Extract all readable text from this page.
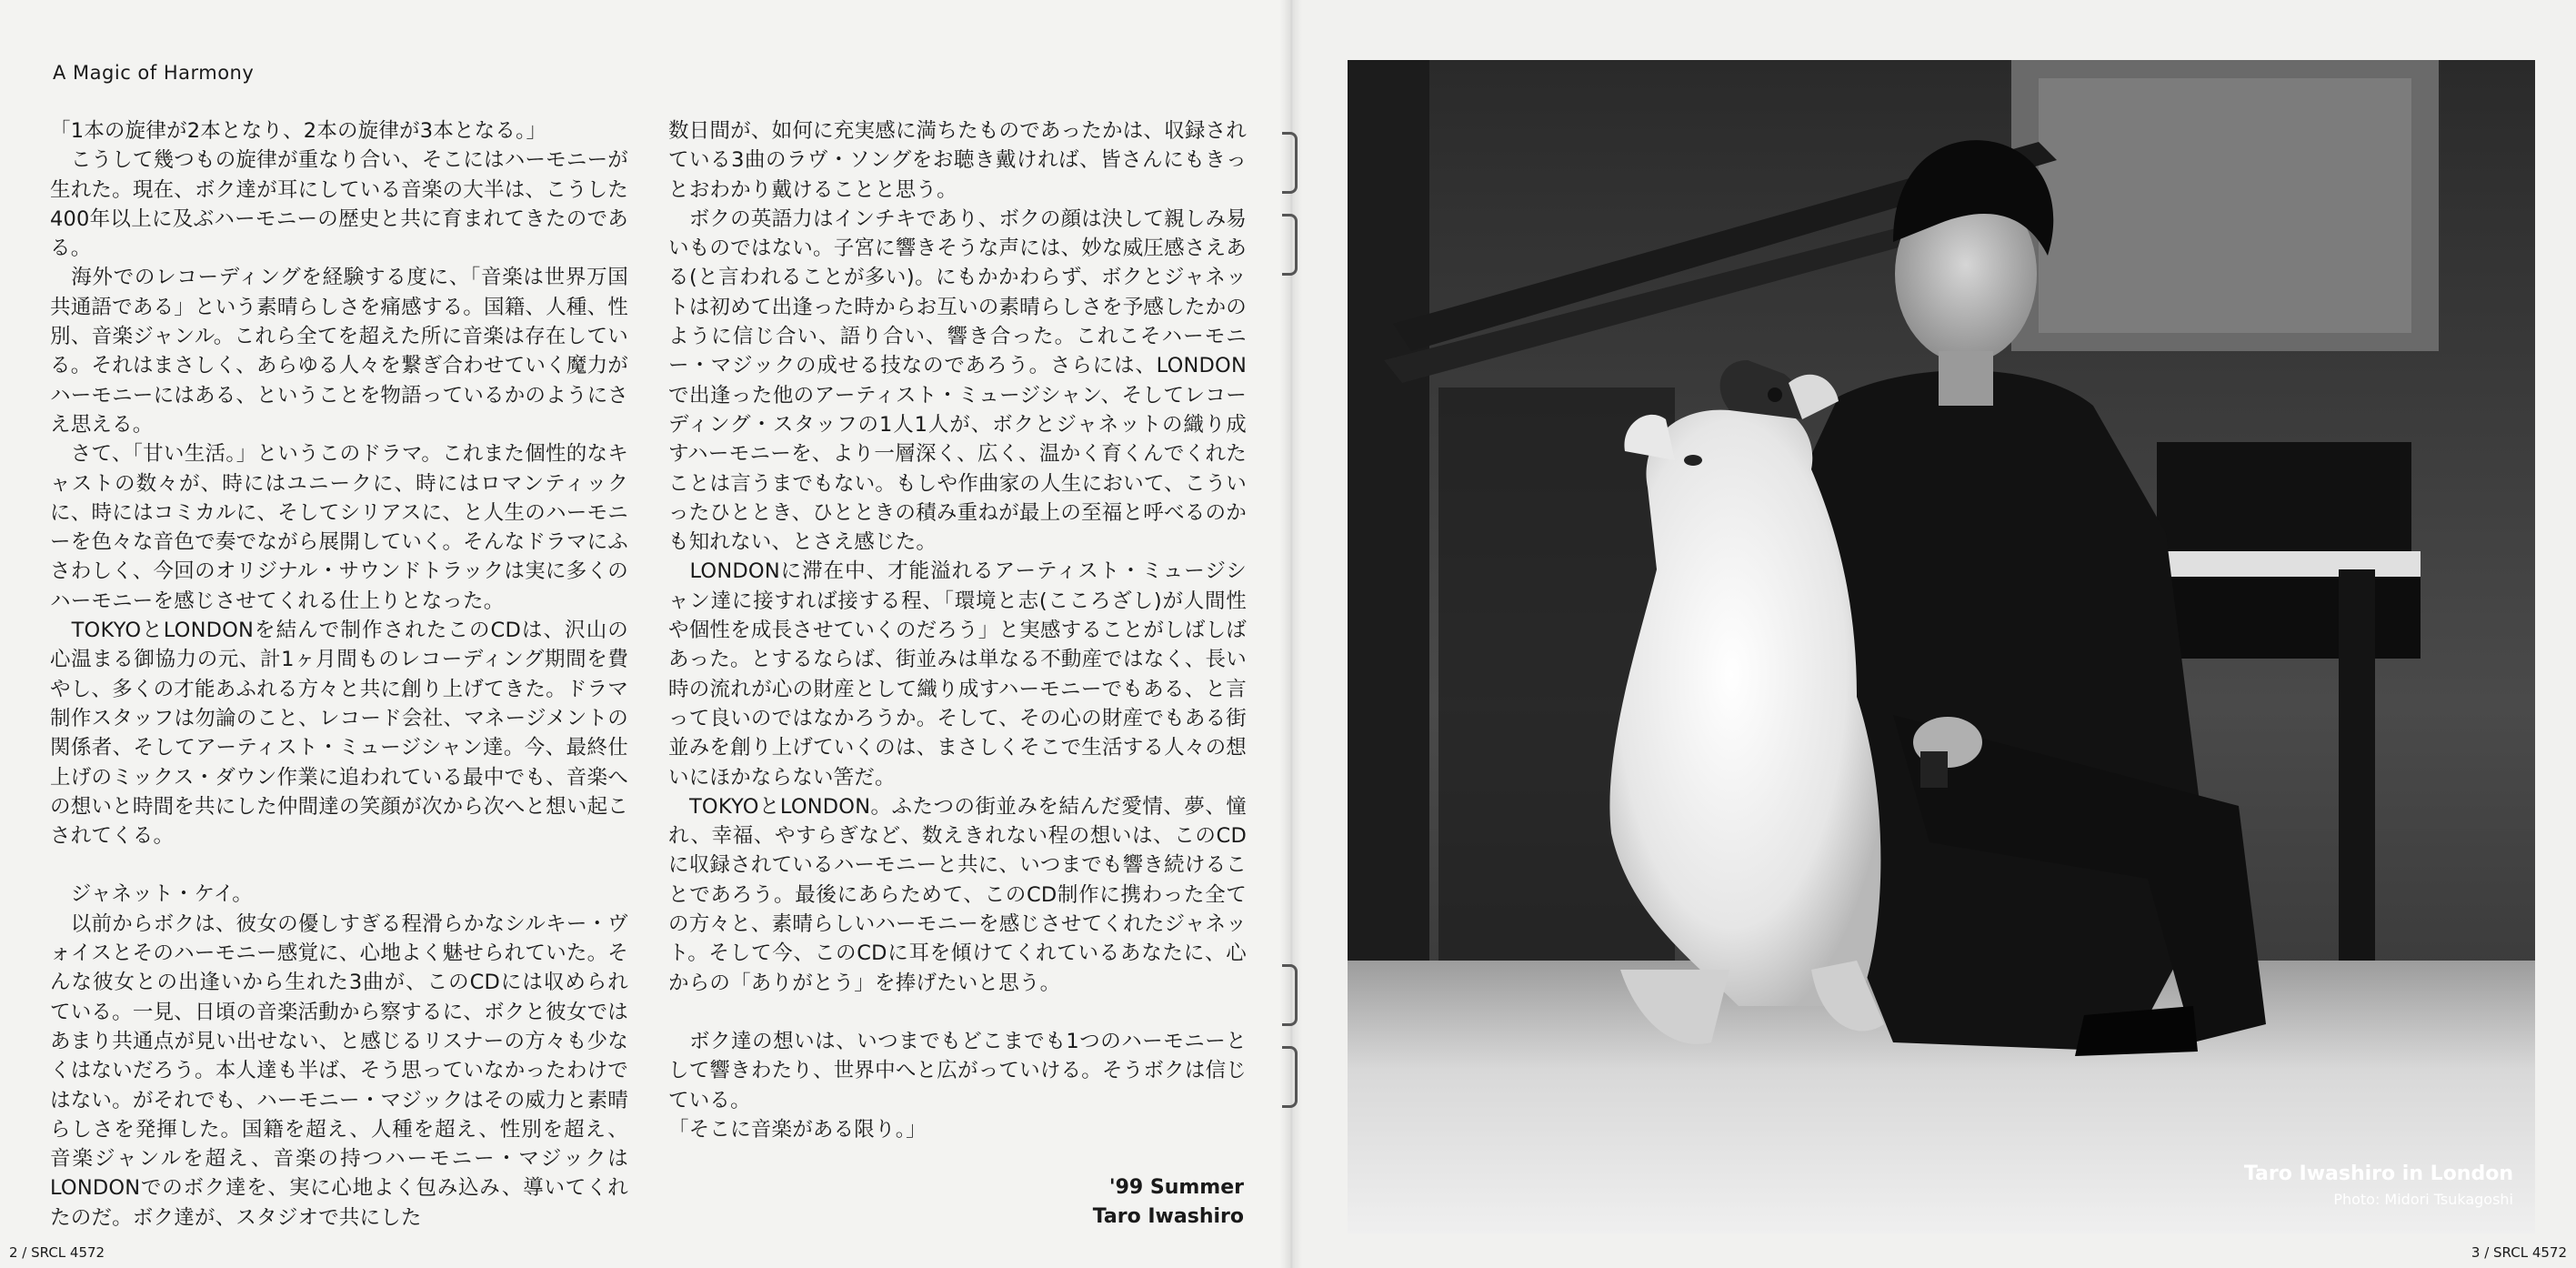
A Magic of Harmony

「1本の旋律が2本となり、2本の旋律が3本となる。」

　こうして幾つもの旋律が重なり合い、そこにはハーモニーが生れた。現在、ボク達が耳にしている音楽の大半は、こうした400年以上に及ぶハーモニーの歴史と共に育まれてきたのである。

　海外でのレコーディングを経験する度に、「音楽は世界万国共通語である」という素晴らしさを痛感する。国籍、人種、性別、音楽ジャンル。これら全てを超えた所に音楽は存在している。それはまさしく、あらゆる人々を繋ぎ合わせていく魔力がハーモニーにはある、ということを物語っているかのようにさえ思える。

　さて、「甘い生活。」というこのドラマ。これまた個性的なキャストの数々が、時にはユニークに、時にはロマンティックに、時にはコミカルに、そしてシリアスに、と人生のハーモニーを色々な音色で奏でながら展開していく。そんなドラマにふさわしく、今回のオリジナル・サウンドトラックは実に多くのハーモニーを感じさせてくれる仕上りとなった。

　TOKYOとLONDONを結んで制作されたこのCDは、沢山の心温まる御協力の元、計1ヶ月間ものレコーディング期間を費やし、多くの才能あふれる方々と共に創り上げてきた。ドラマ制作スタッフは勿論のこと、レコード会社、マネージメントの関係者、そしてアーティスト・ミュージシャン達。今、最終仕上げのミックス・ダウン作業に追われている最中でも、音楽への想いと時間を共にした仲間達の笑顔が次から次へと想い起こされてくる。

　ジャネット・ケイ。

　以前からボクは、彼女の優しすぎる程滑らかなシルキー・ヴォイスとそのハーモニー感覚に、心地よく魅せられていた。そんな彼女との出逢いから生れた3曲が、このCDには収められている。一見、日頃の音楽活動から察するに、ボクと彼女ではあまり共通点が見い出せない、と感じるリスナーの方々も少なくはないだろう。本人達も半ば、そう思っていなかったわけではない。がそれでも、ハーモニー・マジックはその威力と素晴らしさを発揮した。国籍を超え、人種を超え、性別を超え、音楽ジャンルを超え、音楽の持つハーモニー・マジックはLONDONでのボク達を、実に心地よく包み込み、導いてくれたのだ。ボク達が、スタジオで共にした

数日間が、如何に充実感に満ちたものであったかは、収録されている3曲のラヴ・ソングをお聴き戴ければ、皆さんにもきっとおわかり戴けることと思う。

　ボクの英語力はインチキであり、ボクの顔は決して親しみ易いものではない。子宮に響きそうな声には、妙な威圧感さえある(と言われることが多い)。にもかかわらず、ボクとジャネットは初めて出逢った時からお互いの素晴らしさを予感したかのように信じ合い、語り合い、響き合った。これこそハーモニー・マジックの成せる技なのであろう。さらには、LONDONで出逢った他のアーティスト・ミュージシャン、そしてレコーディング・スタッフの1人1人が、ボクとジャネットの織り成すハーモニーを、より一層深く、広く、温かく育くんでくれたことは言うまでもない。もしや作曲家の人生において、こういったひととき、ひとときの積み重ねが最上の至福と呼べるのかも知れない、とさえ感じた。

　LONDONに滞在中、才能溢れるアーティスト・ミュージシャン達に接すれば接する程、「環境と志(こころざし)が人間性や個性を成長させていくのだろう」と実感することがしばしばあった。とするならば、街並みは単なる不動産ではなく、長い時の流れが心の財産として織り成すハーモニーでもある、と言って良いのではなかろうか。そして、その心の財産でもある街並みを創り上げていくのは、まさしくそこで生活する人々の想いにほかならない筈だ。

　TOKYOとLONDON。ふたつの街並みを結んだ愛情、夢、憧れ、幸福、やすらぎなど、数えきれない程の想いは、このCDに収録されているハーモニーと共に、いつまでも響き続けることであろう。最後にあらためて、このCD制作に携わった全ての方々と、素晴らしいハーモニーを感じさせてくれたジャネット。そして今、このCDに耳を傾けてくれているあなたに、心からの「ありがとう」を捧げたいと思う。

　ボク達の想いは、いつまでもどこまでも1つのハーモニーとして響きわたり、世界中へと広がっていける。そうボクは信じている。

「そこに音楽がある限り。」

'99 Summer
Taro Iwashiro
2 / SRCL 4572	3 / SRCL 4572
Taro Iwashiro in London
Photo: Midori Tsukagoshi
